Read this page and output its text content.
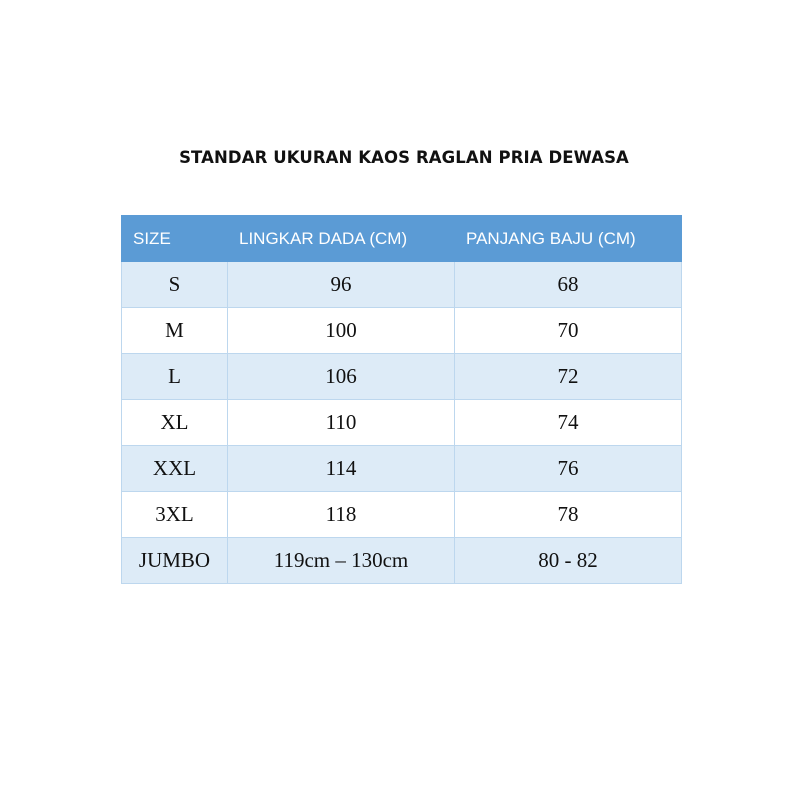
STANDAR UKURAN KAOS RAGLAN PRIA DEWASA
SIZE	LINGKAR DADA (CM)	PANJANG BAJU (CM)
S	96	68
M	100	70
L	106	72
XL	110	74
XXL	114	76
3XL	118	78
JUMBO	119cm – 130cm	80 - 82
